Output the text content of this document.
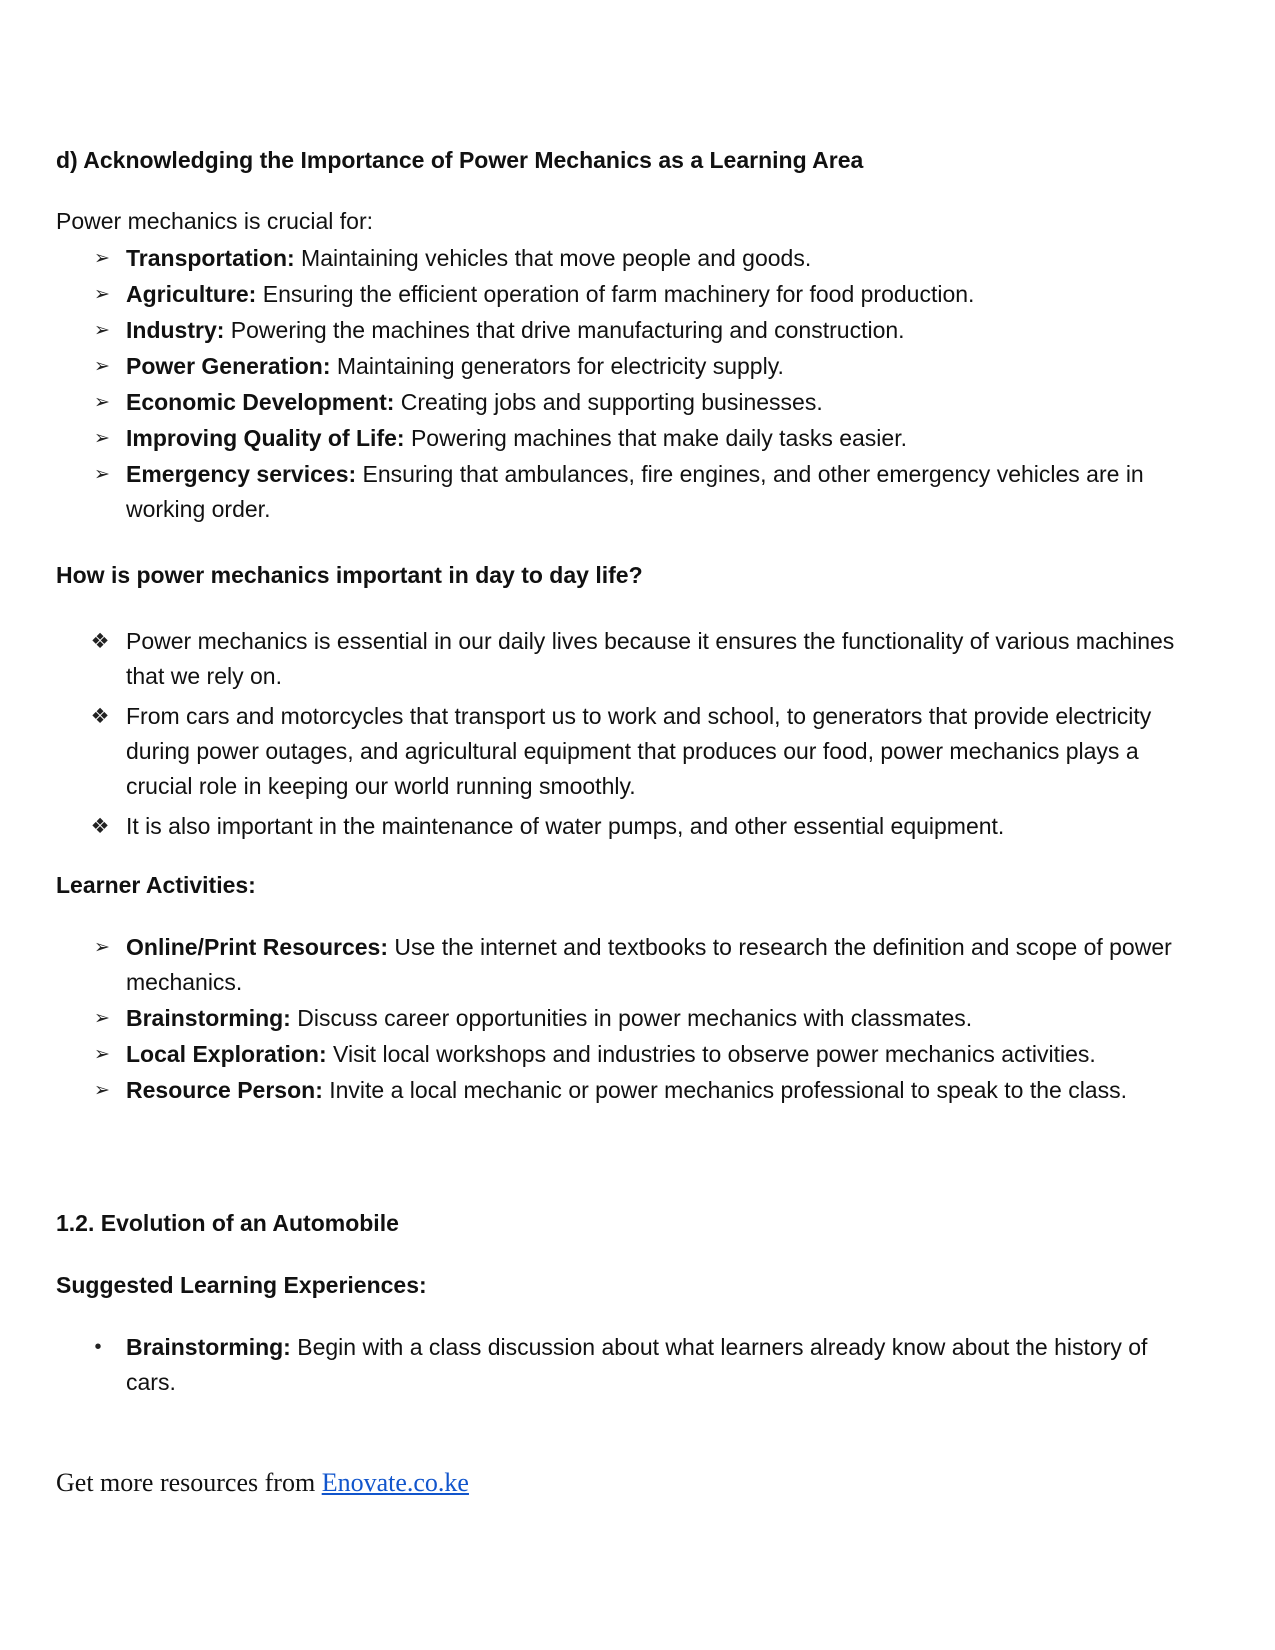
d) Acknowledging the Importance of Power Mechanics as a Learning Area
Power mechanics is crucial for:
➢ Transportation: Maintaining vehicles that move people and goods.
➢ Agriculture: Ensuring the efficient operation of farm machinery for food production.
➢ Industry: Powering the machines that drive manufacturing and construction.
➢ Power Generation: Maintaining generators for electricity supply.
➢ Economic Development: Creating jobs and supporting businesses.
➢ Improving Quality of Life: Powering machines that make daily tasks easier.
➢ Emergency services: Ensuring that ambulances, fire engines, and other emergency vehicles are in working order.
How is power mechanics important in day to day life?
❖ Power mechanics is essential in our daily lives because it ensures the functionality of various machines that we rely on.
❖ From cars and motorcycles that transport us to work and school, to generators that provide electricity during power outages, and agricultural equipment that produces our food, power mechanics plays a crucial role in keeping our world running smoothly.
❖ It is also important in the maintenance of water pumps, and other essential equipment.
Learner Activities:
➢ Online/Print Resources: Use the internet and textbooks to research the definition and scope of power mechanics.
➢ Brainstorming: Discuss career opportunities in power mechanics with classmates.
➢ Local Exploration: Visit local workshops and industries to observe power mechanics activities.
➢ Resource Person: Invite a local mechanic or power mechanics professional to speak to the class.
1.2. Evolution of an Automobile
Suggested Learning Experiences:
•	Brainstorming: Begin with a class discussion about what learners already know about the history of cars.
Get more resources from Enovate.co.ke
